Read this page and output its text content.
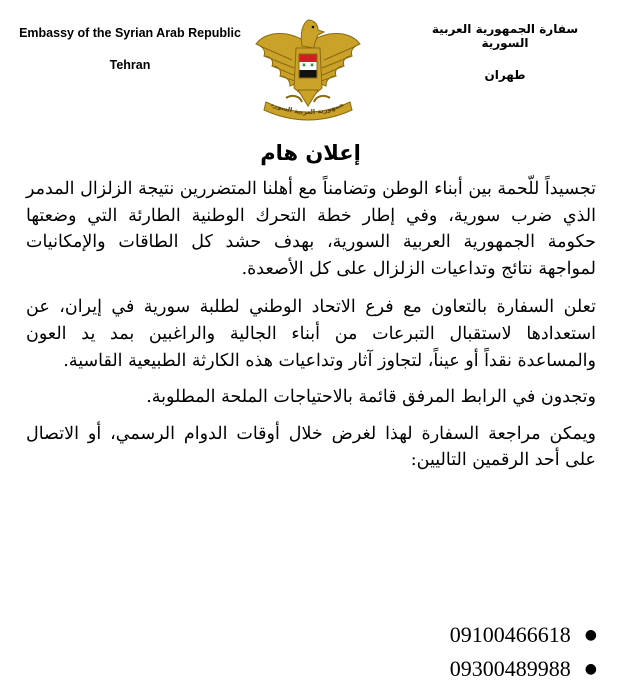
Embassy of the Syrian Arab Republic
Tehran
جمهورية العربية السوري
سفارة الجمهورية العربية السورية
طهران
إعلان هام

تجسيداً للّحمة بين أبناء الوطن وتضامناً مع أهلنا المتضررين نتيجة الزلزال المدمر الذي ضرب سورية، وفي إطار خطة التحرك الوطنية الطارئة التي وضعتها حكومة الجمهورية العربية السورية، بهدف حشد كل الطاقات والإمكانيات لمواجهة نتائج وتداعيات الزلزال على كل الأصعدة.

تعلن السفارة بالتعاون مع فرع الاتحاد الوطني لطلبة سورية في إيران، عن استعدادها لاستقبال التبرعات من أبناء الجالية والراغبين بمد يد العون والمساعدة نقداً أو عيناً، لتجاوز آثار وتداعيات هذه الكارثة الطبيعية القاسية.

وتجدون في الرابط المرفق قائمة بالاحتياجات الملحة المطلوبة.

ويمكن مراجعة السفارة لهذا لغرض خلال أوقات الدوام الرسمي، أو الاتصال على أحد الرقمين التاليين:

●
09100466618
●
09300489988
